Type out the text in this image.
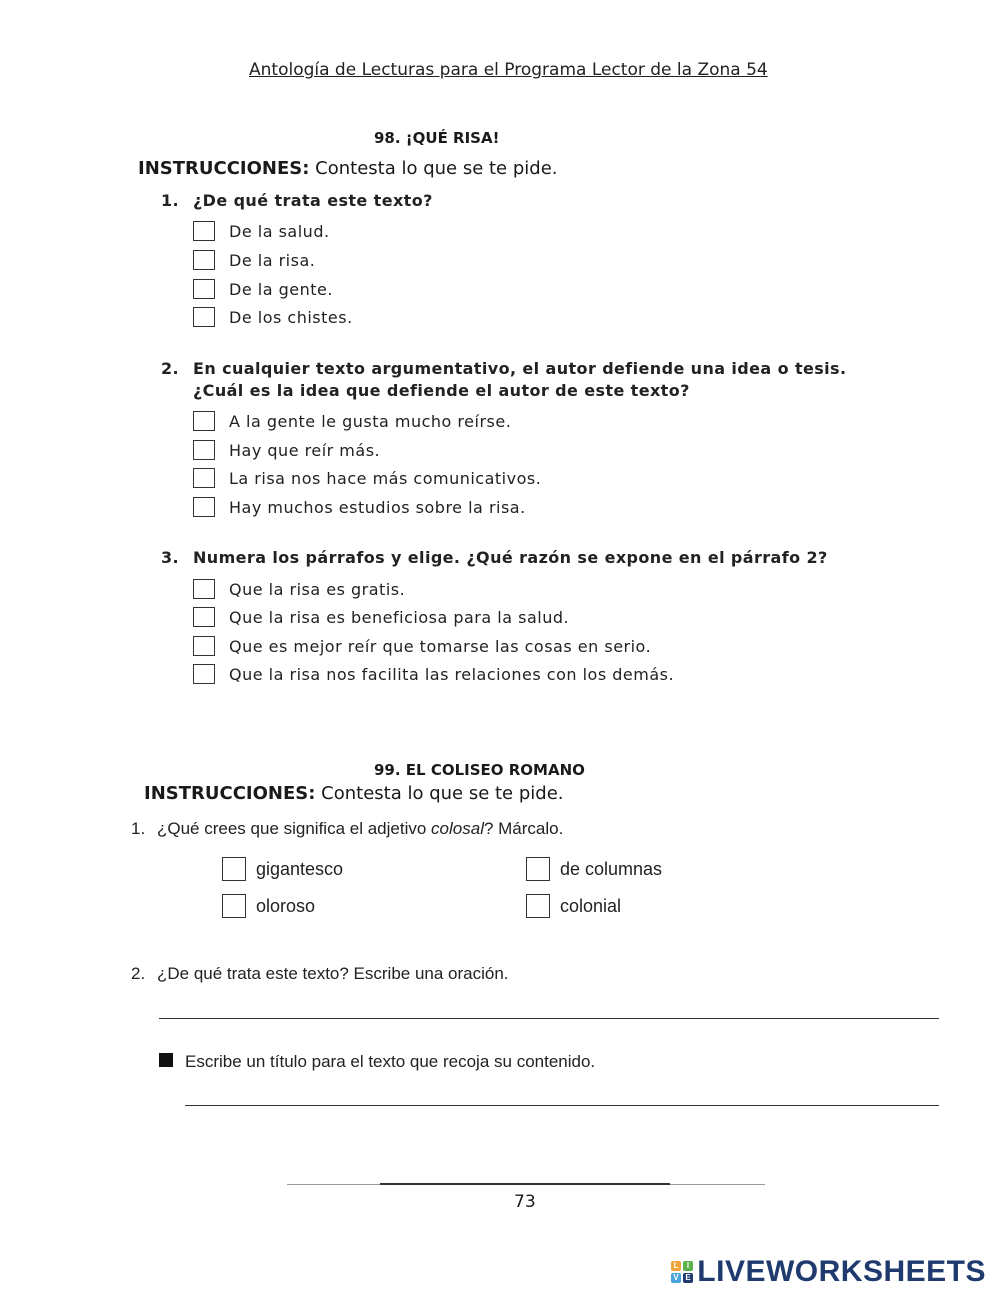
Antología de Lecturas para el Programa Lector de la Zona 54
98. ¡QUÉ RISA!
INSTRUCCIONES: Contesta lo que se te pide.
1. ¿De qué trata este texto?
De la salud.
De la risa.
De la gente.
De los chistes.
2. En cualquier texto argumentativo, el autor defiende una idea o tesis.
¿Cuál es la idea que defiende el autor de este texto?
A la gente le gusta mucho reírse.
Hay que reír más.
La risa nos hace más comunicativos.
Hay muchos estudios sobre la risa.
3. Numera los párrafos y elige. ¿Qué razón se expone en el párrafo 2?
Que la risa es gratis.
Que la risa es beneficiosa para la salud.
Que es mejor reír que tomarse las cosas en serio.
Que la risa nos facilita las relaciones con los demás.
99. EL COLISEO ROMANO
INSTRUCCIONES: Contesta lo que se te pide.
1. ¿Qué crees que significa el adjetivo colosal? Márcalo.
gigantesco	de columnas
oloroso	colonial
2. ¿De qué trata este texto? Escribe una oración.
Escribe un título para el texto que recoja su contenido.
73
L I
V E LIVEWORKSHEETS
